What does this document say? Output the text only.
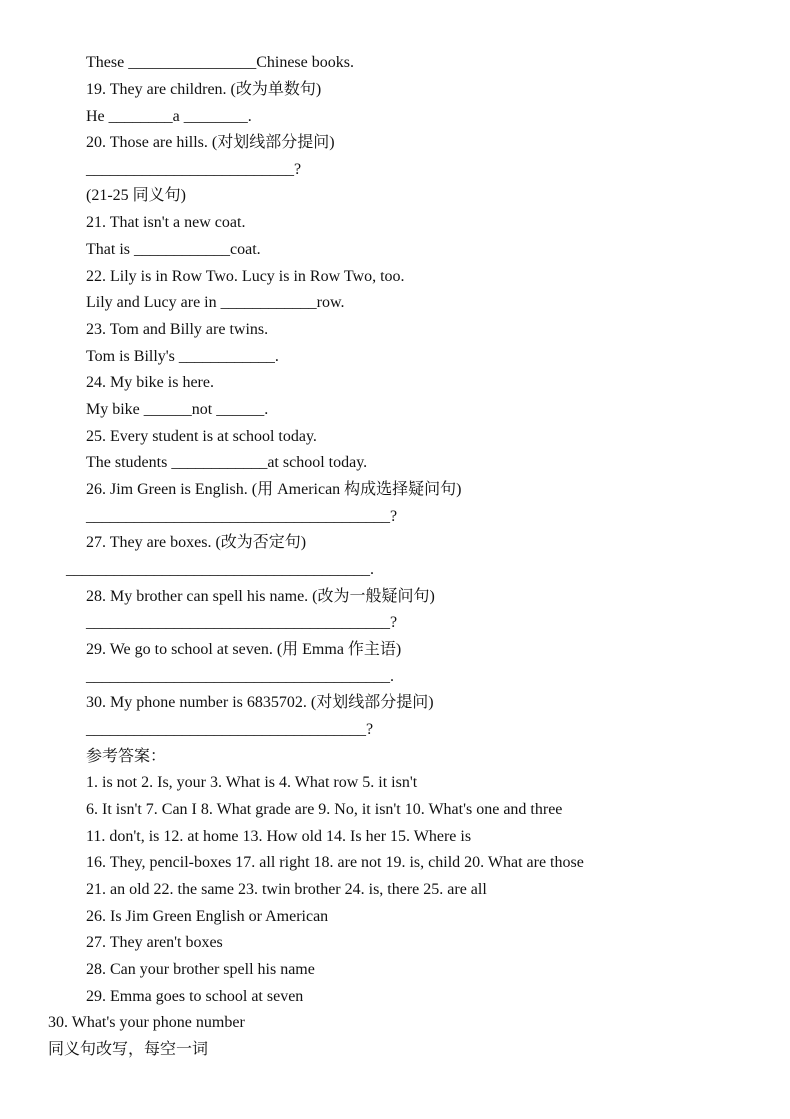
These ________________Chinese books.
19. They are children. (改为单数句)
He ________a ________.
20. Those are hills. (对划线部分提问)
__________________________?
(21-25 同义句)
21. That isn't a new coat.
That is ____________coat.
22. Lily is in Row Two. Lucy is in Row Two, too.
Lily and Lucy are in ____________row.
23. Tom and Billy are twins.
Tom is Billy's ____________.
24. My bike is here.
My bike ______not ______.
25. Every student is at school today.
The students ____________at school today.
26. Jim Green is English. (用 American 构成选择疑问句)
______________________________________?
27. They are boxes. (改为否定句)
______________________________________.
28. My brother can spell his name. (改为一般疑问句)
______________________________________?
29. We go to school at seven. (用 Emma 作主语)
______________________________________.
30. My phone number is 6835702. (对划线部分提问)
___________________________________?
参考答案：
1. is not 2. Is, your 3. What is 4. What row 5. it isn't
6. It isn't 7. Can I 8. What grade are 9. No, it isn't 10. What's one and three
11. don't, is 12. at home 13. How old 14. Is her 15. Where is
16. They, pencil-boxes 17. all right 18. are not 19. is, child 20. What are those
21. an old 22. the same 23. twin brother 24. is, there 25. are all
26. Is Jim Green English or American
27. They aren't boxes
28. Can your brother spell his name
29. Emma goes to school at seven
30. What's your phone number
同义句改写，每空一词
